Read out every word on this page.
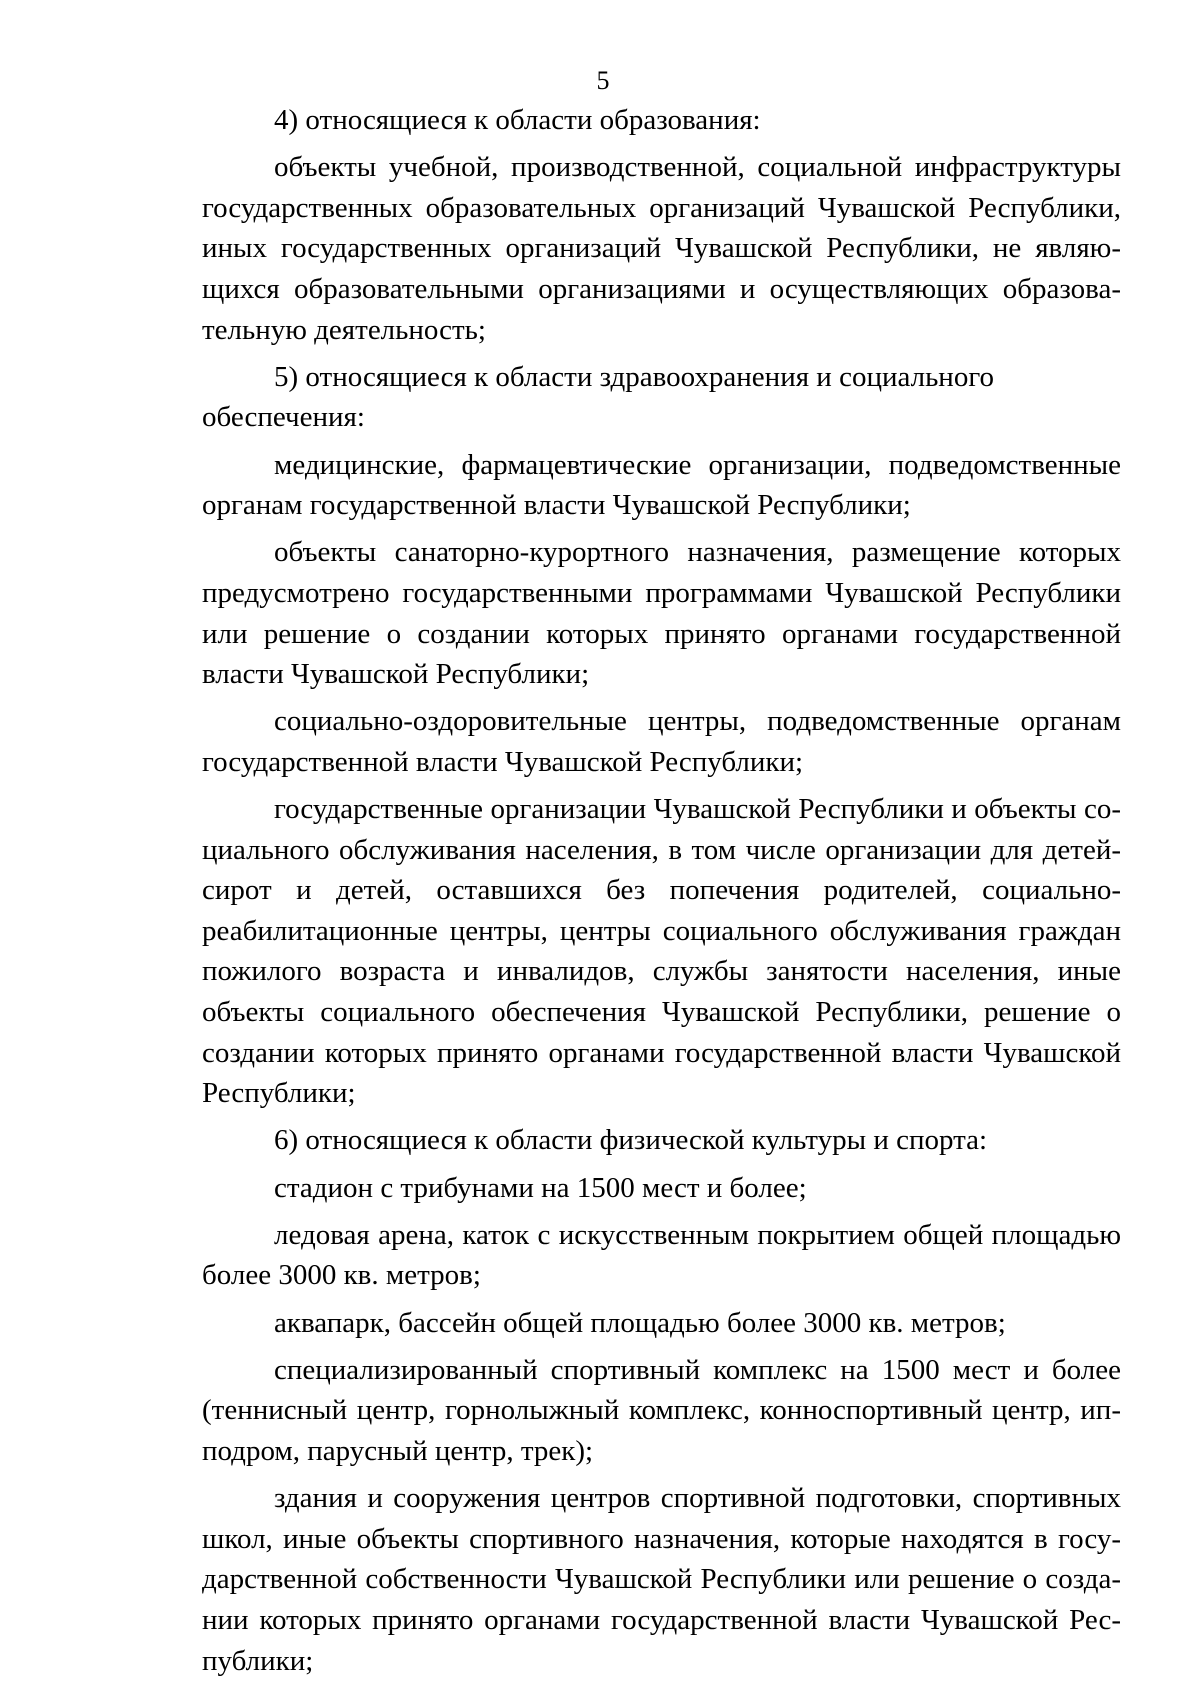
5

4) относящиеся к области образования:

объекты учебной, производственной, социальной инфраструктуры государственных образовательных организаций Чувашской Республики, иных государственных организаций Чувашской Республики, не являющихся образовательными организациями и осуществляющих образовательную деятельность;

5) относящиеся к области здравоохранения и социального обеспечения:

медицинские, фармацевтические организации, подведомственные органам государственной власти Чувашской Республики;

объекты санаторно-курортного назначения, размещение которых предусмотрено государственными программами Чувашской Республики или решение о создании которых принято органами государственной власти Чувашской Республики;

социально-оздоровительные центры, подведомственные органам государственной власти Чувашской Республики;

государственные организации Чувашской Республики и объекты социального обслуживания населения, в том числе организации для детей-сирот и детей, оставшихся без попечения родителей, социально-реабилитационные центры, центры социального обслуживания граждан пожилого возраста и инвалидов, службы занятости населения, иные объекты социального обеспечения Чувашской Республики, решение о создании которых принято органами государственной власти Чувашской Республики;

6) относящиеся к области физической культуры и спорта:

стадион с трибунами на 1500 мест и более;

ледовая арена, каток с искусственным покрытием общей площадью более 3000 кв. метров;

аквапарк, бассейн общей площадью более 3000 кв. метров;

специализированный спортивный комплекс на 1500 мест и более (теннисный центр, горнолыжный комплекс, конноспортивный центр, ипподром, парусный центр, трек);

здания и сооружения центров спортивной подготовки, спортивных школ, иные объекты спортивного назначения, которые находятся в государственной собственности Чувашской Республики или решение о создании которых принято органами государственной власти Чувашской Республики;
